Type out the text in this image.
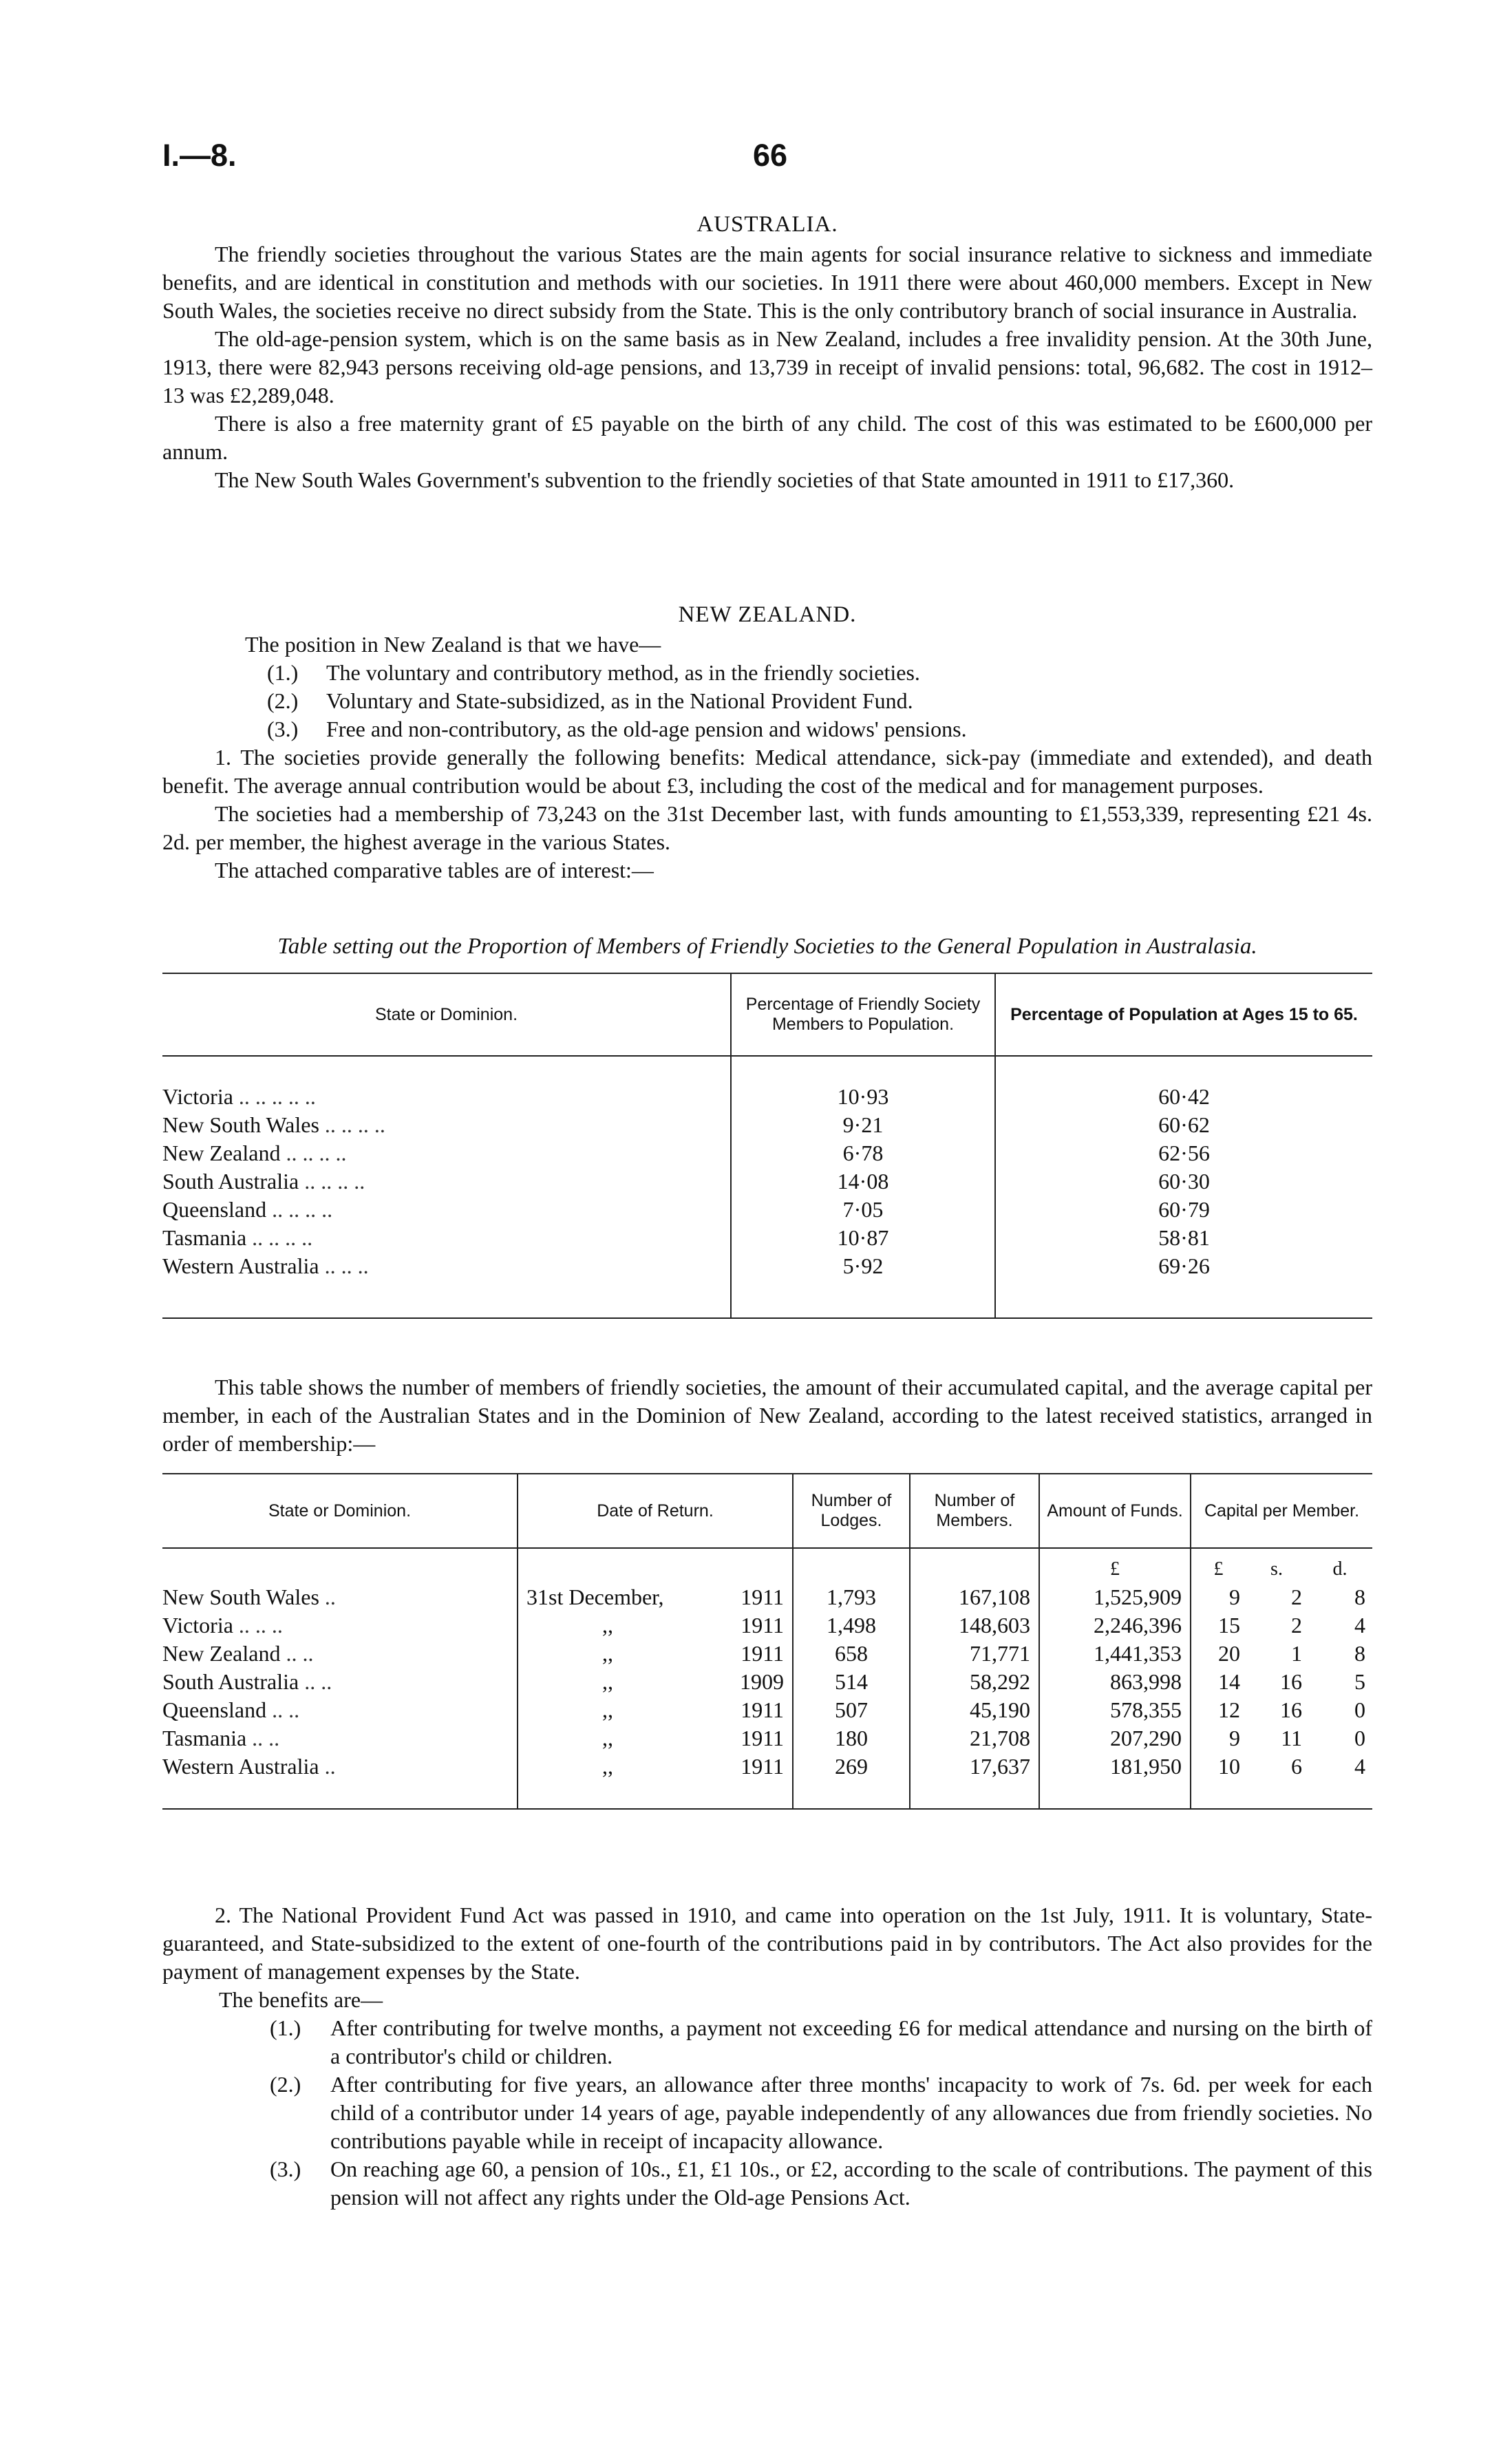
I.—8.	66

AUSTRALIA.

The friendly societies throughout the various States are the main agents for social insurance relative to sickness and immediate benefits, and are identical in constitution and methods with our societies. In 1911 there were about 460,000 members. Except in New South Wales, the societies receive no direct subsidy from the State. This is the only contributory branch of social insurance in Australia.

The old-age-pension system, which is on the same basis as in New Zealand, includes a free invalidity pension. At the 30th June, 1913, there were 82,943 persons receiving old-age pensions, and 13,739 in receipt of invalid pensions: total, 96,682. The cost in 1912–13 was £2,289,048.

There is also a free maternity grant of £5 payable on the birth of any child. The cost of this was estimated to be £600,000 per annum.

The New South Wales Government's subvention to the friendly societies of that State amounted in 1911 to £17,360.

NEW ZEALAND.

The position in New Zealand is that we have—

(1.)	The voluntary and contributory method, as in the friendly societies.
(2.)	Voluntary and State-subsidized, as in the National Provident Fund.
(3.)	Free and non-contributory, as the old-age pension and widows' pensions.

1. The societies provide generally the following benefits: Medical attendance, sick-pay (immediate and extended), and death benefit. The average annual contribution would be about £3, including the cost of the medical and for management purposes.

The societies had a membership of 73,243 on the 31st December last, with funds amounting to £1,553,339, representing £21 4s. 2d. per member, the highest average in the various States.

The attached comparative tables are of interest:—

Table setting out the Proportion of Members of Friendly Societies to the General Population in Australasia.

State or Dominion.	Percentage of Friendly Society Members to Population.	Percentage of Population at Ages 15 to 65.

Victoria .. .. .. .. ..	10·93	60·42
New South Wales .. .. .. ..	9·21	60·62
New Zealand .. .. .. ..	6·78	62·56
South Australia .. .. .. ..	14·08	60·30
Queensland .. .. .. ..	7·05	60·79
Tasmania .. .. .. ..	10·87	58·81
Western Australia .. .. ..	5·92	69·26

This table shows the number of members of friendly societies, the amount of their accumulated capital, and the average capital per member, in each of the Australian States and in the Dominion of New Zealand, according to the latest received statistics, arranged in order of membership:—

State or Dominion.	Date of Return.	Number of Lodges.	Number of Members.	Amount of Funds.	Capital per Member.		
				£	£	s.	d.
New South Wales ..	31st December, 1911	1,793	167,108	1,525,909	9	2	8
Victoria .. .. ..	,, 1911	1,498	148,603	2,246,396	15	2	4
New Zealand .. ..	,, 1911	658	71,771	1,441,353	20	1	8
South Australia .. ..	,, 1909	514	58,292	863,998	14	16	5
Queensland .. ..	,, 1911	507	45,190	578,355	12	16	0
Tasmania .. ..	,, 1911	180	21,708	207,290	9	11	0
Western Australia ..	,, 1911	269	17,637	181,950	10	6	4

2. The National Provident Fund Act was passed in 1910, and came into operation on the 1st July, 1911. It is voluntary, State-guaranteed, and State-subsidized to the extent of one-fourth of the contributions paid in by contributors. The Act also provides for the payment of management expenses by the State.

The benefits are—

(1.)	After contributing for twelve months, a payment not exceeding £6 for medical attendance and nursing on the birth of a contributor's child or children.
(2.)	After contributing for five years, an allowance after three months' incapacity to work of 7s. 6d. per week for each child of a contributor under 14 years of age, payable independently of any allowances due from friendly societies. No contributions payable while in receipt of incapacity allowance.
(3.)	On reaching age 60, a pension of 10s., £1, £1 10s., or £2, according to the scale of contributions. The payment of this pension will not affect any rights under the Old-age Pensions Act.
